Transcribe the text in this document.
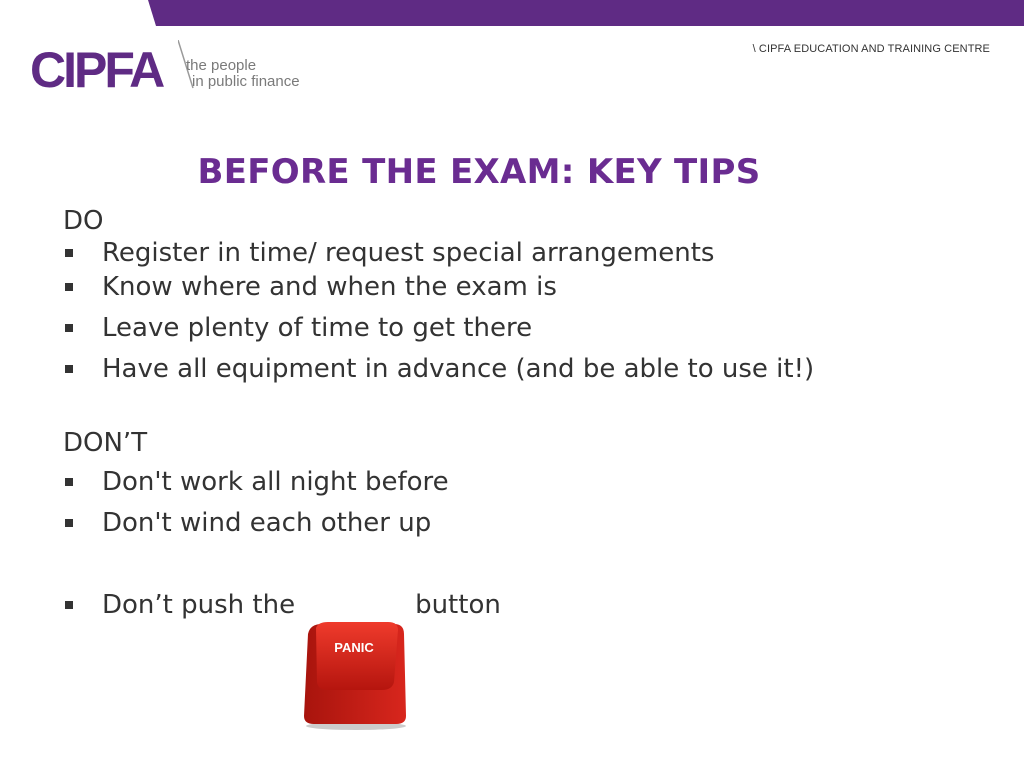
CIPFA the people
in public finance
\ CIPFA EDUCATION AND TRAINING CENTRE
BEFORE THE EXAM: KEY TIPS
DO
Register in time/ request special arrangements
Know where and when the exam is
Leave plenty of time to get there
Have all equipment in advance (and be able to use it!)
DON’T
Don't work all night before
Don't wind each other up
Don’t push the	button
PANIC
